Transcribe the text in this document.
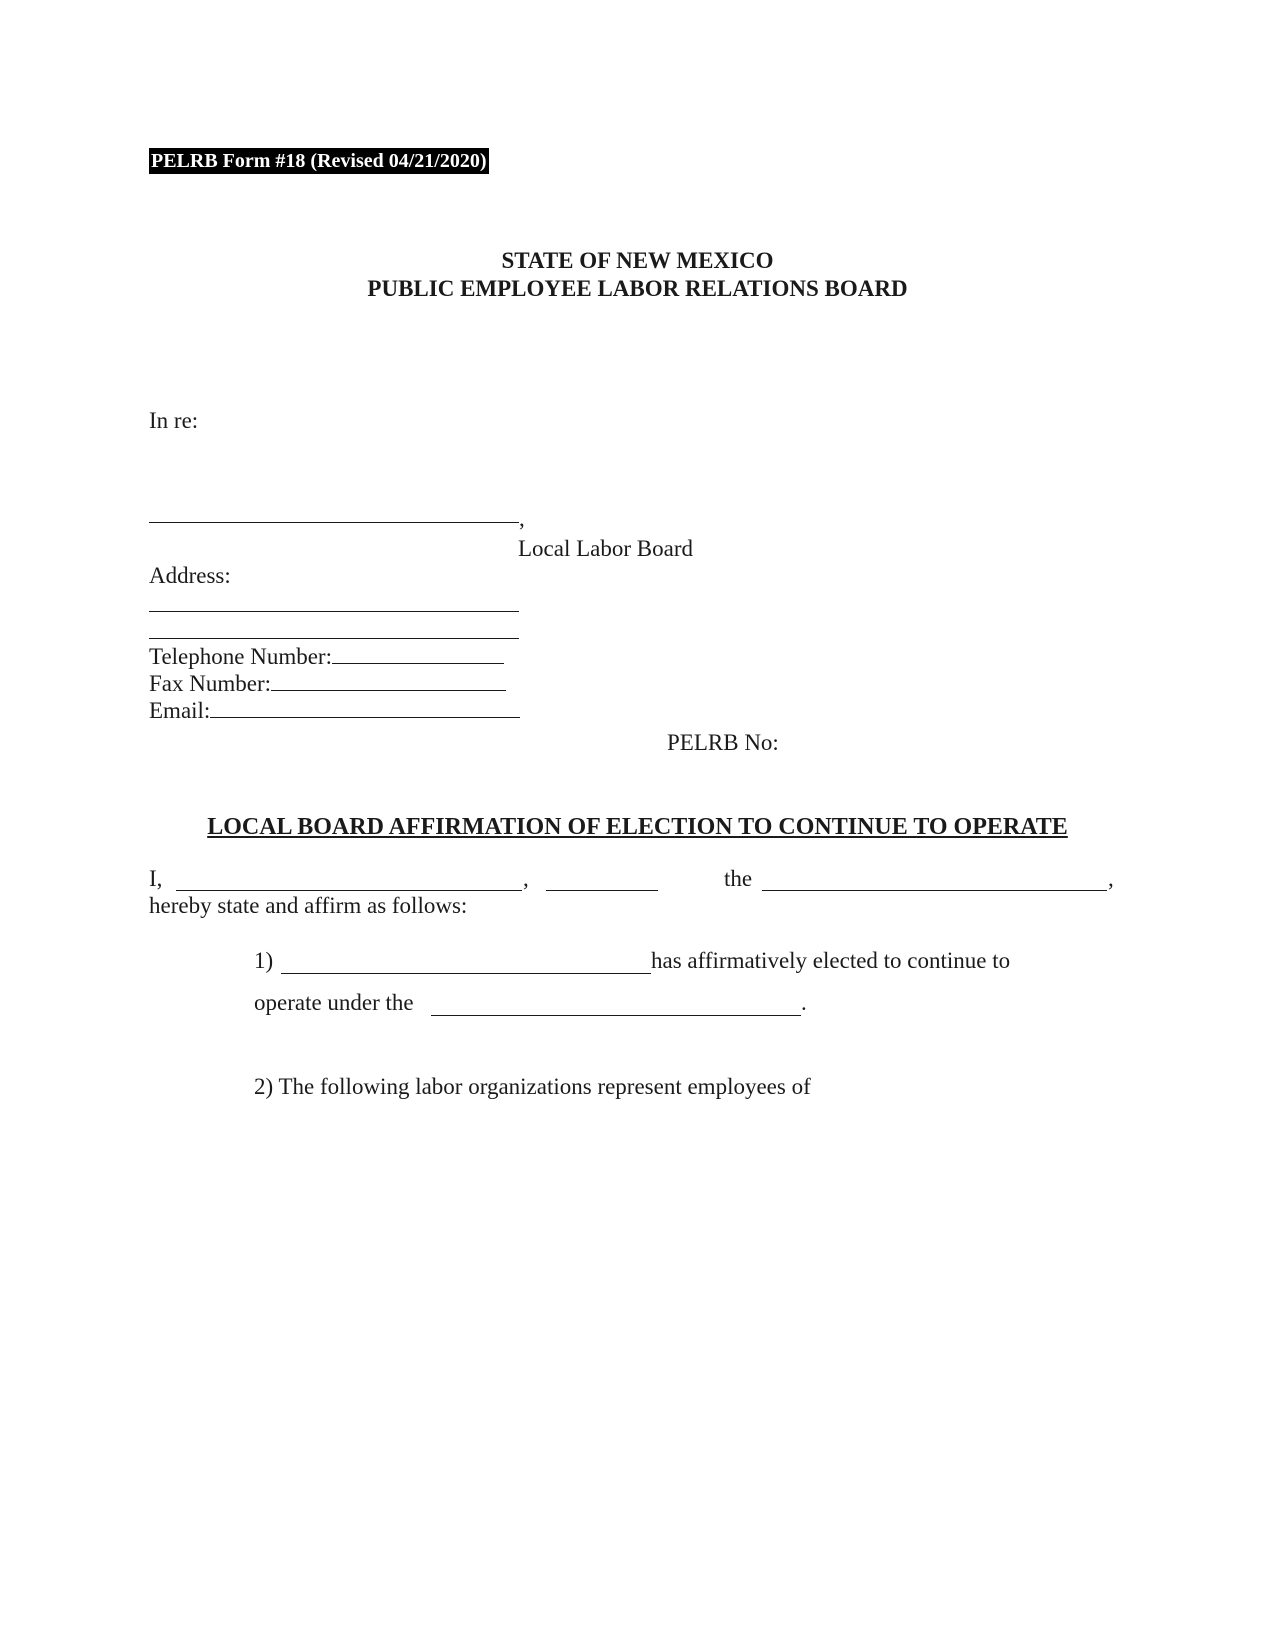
PELRB Form #18 (Revised 04/21/2020)
STATE OF NEW MEXICO
PUBLIC EMPLOYEE LABOR RELATIONS BOARD
In re:
,
Local Labor Board
Address:
Telephone Number:
Fax Number:
Email:
PELRB No:
LOCAL BOARD AFFIRMATION OF ELECTION TO CONTINUE TO OPERATE
I,	,	the	,
hereby state and affirm as follows:
1)	has affirmatively elected to continue to
operate under the	.
2) The following labor organizations represent employees of
